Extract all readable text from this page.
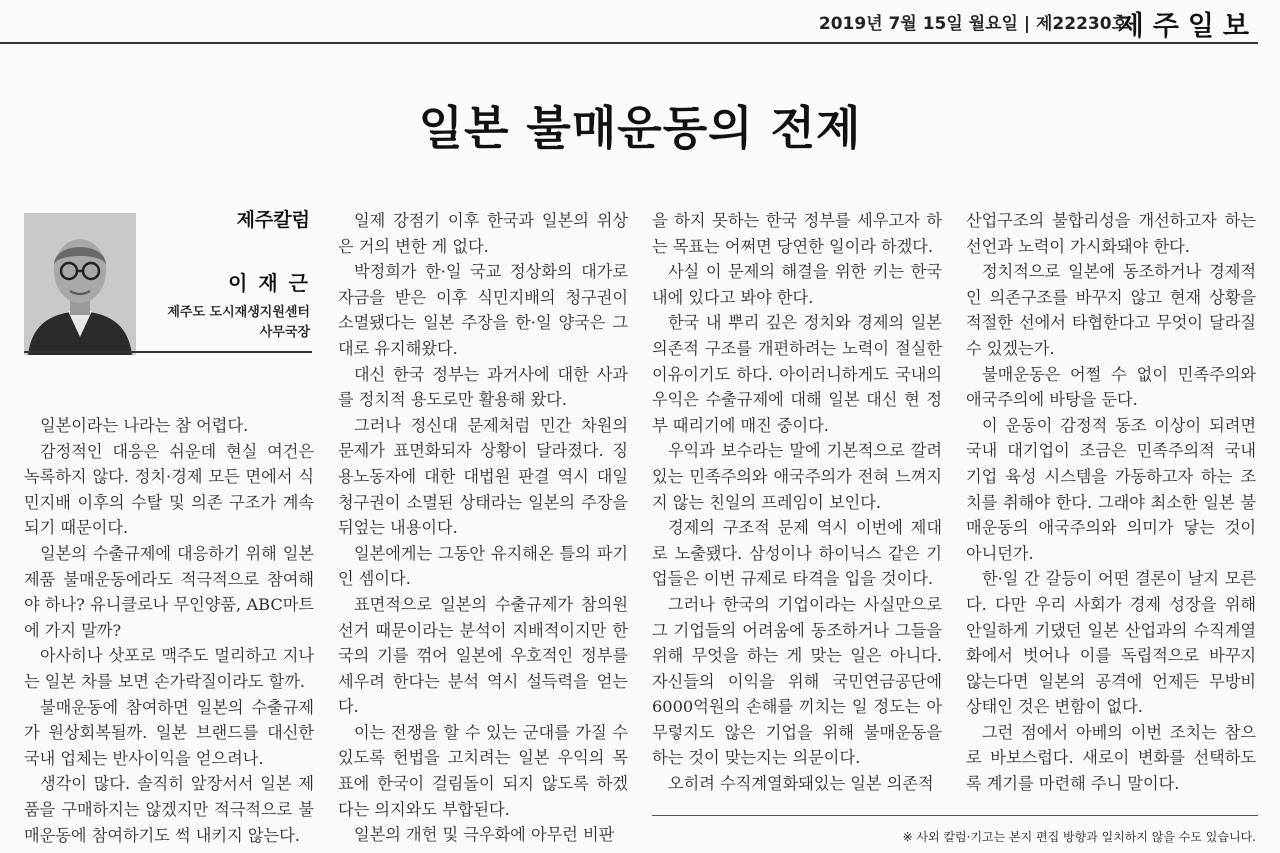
2019년 7월 15일 월요일 | 제22230호
제주일보
일본 불매운동의 전제
제주칼럼
이 재 근
제주도 도시재생지원센터
사무국장

일본이라는 나라는 참 어렵다.

감정적인 대응은 쉬운데 현실 여건은 녹록하지 않다. 정치·경제 모든 면에서 식민지배 이후의 수탈 및 의존 구조가 계속되기 때문이다.

일본의 수출규제에 대응하기 위해 일본 제품 불매운동에라도 적극적으로 참여해야 하나? 유니클로나 무인양품, ABC마트에 가지 말까?

아사히나 삿포로 맥주도 멀리하고 지나는 일본 차를 보면 손가락질이라도 할까.

불매운동에 참여하면 일본의 수출규제가 원상회복될까. 일본 브랜드를 대신한 국내 업체는 반사이익을 얻으려나.

생각이 많다. 솔직히 앞장서서 일본 제품을 구매하지는 않겠지만 적극적으로 불매운동에 참여하기도 썩 내키지 않는다.

일제 강점기 이후 한국과 일본의 위상은 거의 변한 게 없다.

박정희가 한·일 국교 정상화의 대가로 자금을 받은 이후 식민지배의 청구권이 소멸됐다는 일본 주장을 한·일 양국은 그대로 유지해왔다.

대신 한국 정부는 과거사에 대한 사과를 정치적 용도로만 활용해 왔다.

그러나 정신대 문제처럼 민간 차원의 문제가 표면화되자 상황이 달라졌다. 징용노동자에 대한 대법원 판결 역시 대일청구권이 소멸된 상태라는 일본의 주장을 뒤엎는 내용이다.

일본에게는 그동안 유지해온 틀의 파기인 셈이다.

표면적으로 일본의 수출규제가 참의원선거 때문이라는 분석이 지배적이지만 한국의 기를 꺾어 일본에 우호적인 정부를 세우려 한다는 분석 역시 설득력을 얻는다.

이는 전쟁을 할 수 있는 군대를 가질 수 있도록 헌법을 고치려는 일본 우익의 목표에 한국이 걸림돌이 되지 않도록 하겠다는 의지와도 부합된다.

일본의 개헌 및 극우화에 아무런 비판

을 하지 못하는 한국 정부를 세우고자 하는 목표는 어쩌면 당연한 일이라 하겠다.

사실 이 문제의 해결을 위한 키는 한국 내에 있다고 봐야 한다.

한국 내 뿌리 깊은 정치와 경제의 일본 의존적 구조를 개편하려는 노력이 절실한 이유이기도 하다. 아이러니하게도 국내의 우익은 수출규제에 대해 일본 대신 현 정부 때리기에 매진 중이다.

우익과 보수라는 말에 기본적으로 깔려있는 민족주의와 애국주의가 전혀 느껴지지 않는 친일의 프레임이 보인다.

경제의 구조적 문제 역시 이번에 제대로 노출됐다. 삼성이나 하이닉스 같은 기업들은 이번 규제로 타격을 입을 것이다.

그러나 한국의 기업이라는 사실만으로 그 기업들의 어려움에 동조하거나 그들을 위해 무엇을 하는 게 맞는 일은 아니다. 자신들의 이익을 위해 국민연금공단에 6000억원의 손해를 끼치는 일 정도는 아무렇지도 않은 기업을 위해 불매운동을 하는 것이 맞는지는 의문이다.

오히려 수직계열화돼있는 일본 의존적

산업구조의 불합리성을 개선하고자 하는 선언과 노력이 가시화돼야 한다.

정치적으로 일본에 동조하거나 경제적인 의존구조를 바꾸지 않고 현재 상황을 적절한 선에서 타협한다고 무엇이 달라질 수 있겠는가.

불매운동은 어쩔 수 없이 민족주의와 애국주의에 바탕을 둔다.

이 운동이 감정적 동조 이상이 되려면 국내 대기업이 조금은 민족주의적 국내 기업 육성 시스템을 가동하고자 하는 조치를 취해야 한다. 그래야 최소한 일본 불매운동의 애국주의와 의미가 닿는 것이 아니던가.

한·일 간 갈등이 어떤 결론이 날지 모른다. 다만 우리 사회가 경제 성장을 위해 안일하게 기댔던 일본 산업과의 수직계열화에서 벗어나 이를 독립적으로 바꾸지 않는다면 일본의 공격에 언제든 무방비 상태인 것은 변함이 없다.

그런 점에서 아베의 이번 조치는 참으로 바보스럽다. 새로이 변화를 선택하도록 계기를 마련해 주니 말이다.

※ 사외 칼럼·기고는 본지 편집 방향과 일치하지 않을 수도 있습니다.
